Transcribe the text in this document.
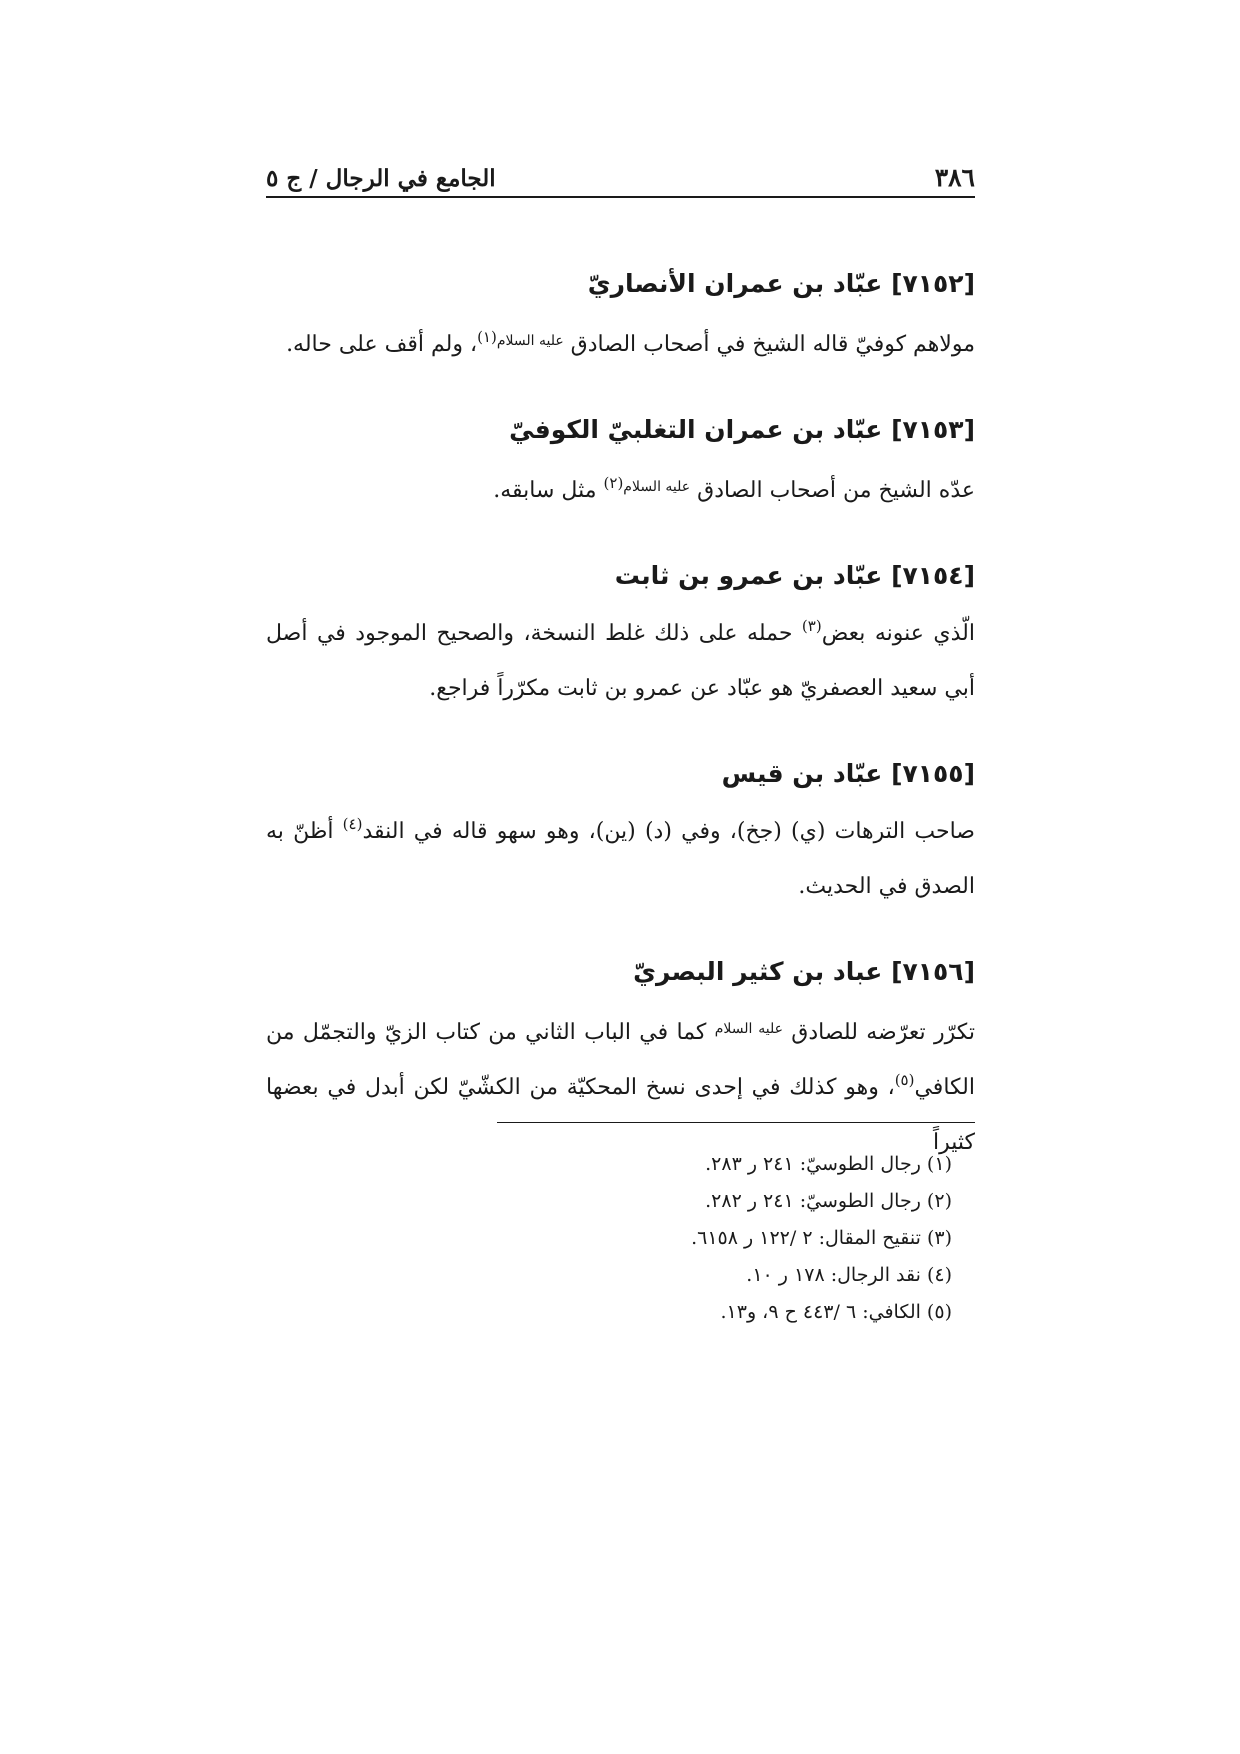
٣٨٦
الجامع في الرجال / ج ٥
[٧١٥٢] عبّاد بن عمران الأنصاريّ

مولاهم كوفيّ قاله الشيخ في أصحاب الصادق $^{عليه السلام(١)}$، ولم أقف على حاله.

[٧١٥٣] عبّاد بن عمران التغلبيّ الكوفيّ

عدّه الشيخ من أصحاب الصادق $^{عليه السلام(٢)}$ مثل سابقه.

[٧١٥٤] عبّاد بن عمرو بن ثابت

الّذي عنونه بعض$^{(٣)}$ حمله على ذلك غلط النسخة، والصحيح الموجود في أصل أبي سعيد العصفريّ هو عبّاد عن عمرو بن ثابت مكرّراً فراجع.

[٧١٥٥] عبّاد بن قيس

صاحب الترهات (ي) (جخ)، وفي (د) (ين)، وهو سهو قاله في النقد$^{(٤)}$ أظنّ به الصدق في الحديث.

[٧١٥٦] عباد بن كثير البصريّ

تكرّر تعرّضه للصادق $^{عليه السلام}$ كما في الباب الثاني من كتاب الزيّ والتجمّل من الكافي$^{(٥)}$، وهو كذلك في إحدى نسخ المحكيّة من الكشّيّ لكن أبدل في بعضها كثيراً

(١) رجال الطوسيّ: ٢٤١ ر ٢٨٣.
(٢) رجال الطوسيّ: ٢٤١ ر ٢٨٢.
(٣) تنقيح المقال: ٢ /١٢٢ ر ٦١٥٨.
(٤) نقد الرجال: ١٧٨ ر ١٠.
(٥) الكافي: ٦ /٤٤٣ ح ٩، و١٣.
